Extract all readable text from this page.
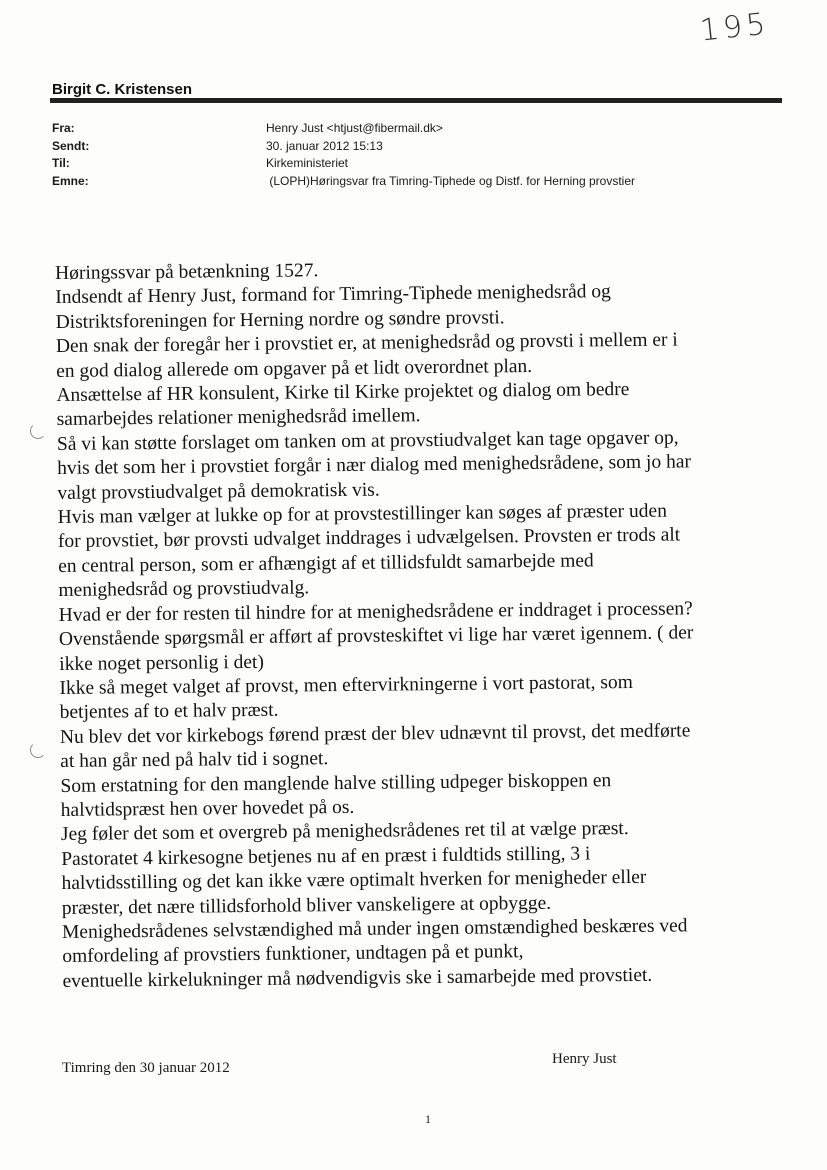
195
Birgit C. Kristensen
Fra:	Henry Just <htjust@fibermail.dk>
Sendt:	30. januar 2012 15:13
Til:	Kirkeministeriet
Emne:	(LOPH)Høringsvar fra Timring-Tiphede og Distf. for Herning provstier

Høringssvar på betænkning 1527.

Indsendt af Henry Just, formand for Timring-Tiphede menighedsråd og

Distriktsforeningen for Herning nordre og søndre provsti.

Den snak der foregår her i provstiet er, at menighedsråd og provsti i mellem er i

en god dialog allerede om opgaver på et lidt overordnet plan.

Ansættelse af HR konsulent, Kirke til Kirke projektet og dialog om bedre

samarbejdes relationer menighedsråd imellem.

Så vi kan støtte forslaget om tanken om at provstiudvalget kan tage opgaver op,

hvis det som her i provstiet forgår i nær dialog med menighedsrådene, som jo har

valgt provstiudvalget på demokratisk vis.

Hvis man vælger at lukke op for at provstestillinger kan søges af præster uden

for provstiet, bør provsti udvalget inddrages i udvælgelsen. Provsten er trods alt

en central person, som er afhængigt af et tillidsfuldt samarbejde med

menighedsråd og provstiudvalg.

Hvad er der for resten til hindre for at menighedsrådene er inddraget i processen?

Ovenstående spørgsmål er afført af provsteskiftet vi lige har været igennem. ( der

ikke noget personlig i det)

Ikke så meget valget af provst, men eftervirkningerne i vort pastorat, som

betjentes af to et halv præst.

Nu blev det vor kirkebogs førend præst der blev udnævnt til provst, det medførte

at han går ned på halv tid i sognet.

Som erstatning for den manglende halve stilling udpeger biskoppen en

halvtidspræst hen over hovedet på os.

Jeg føler det som et overgreb på menighedsrådenes ret til at vælge præst.

Pastoratet 4 kirkesogne betjenes nu af en præst i fuldtids stilling, 3 i

halvtidsstilling og det kan ikke være optimalt hverken for menigheder eller

præster, det nære tillidsforhold bliver vanskeligere at opbygge.

Menighedsrådenes selvstændighed må under ingen omstændighed beskæres ved

omfordeling af provstiers funktioner, undtagen på et punkt,

eventuelle kirkelukninger må nødvendigvis ske i samarbejde med provstiet.

Timring den 30 januar 2012
Henry Just
1
